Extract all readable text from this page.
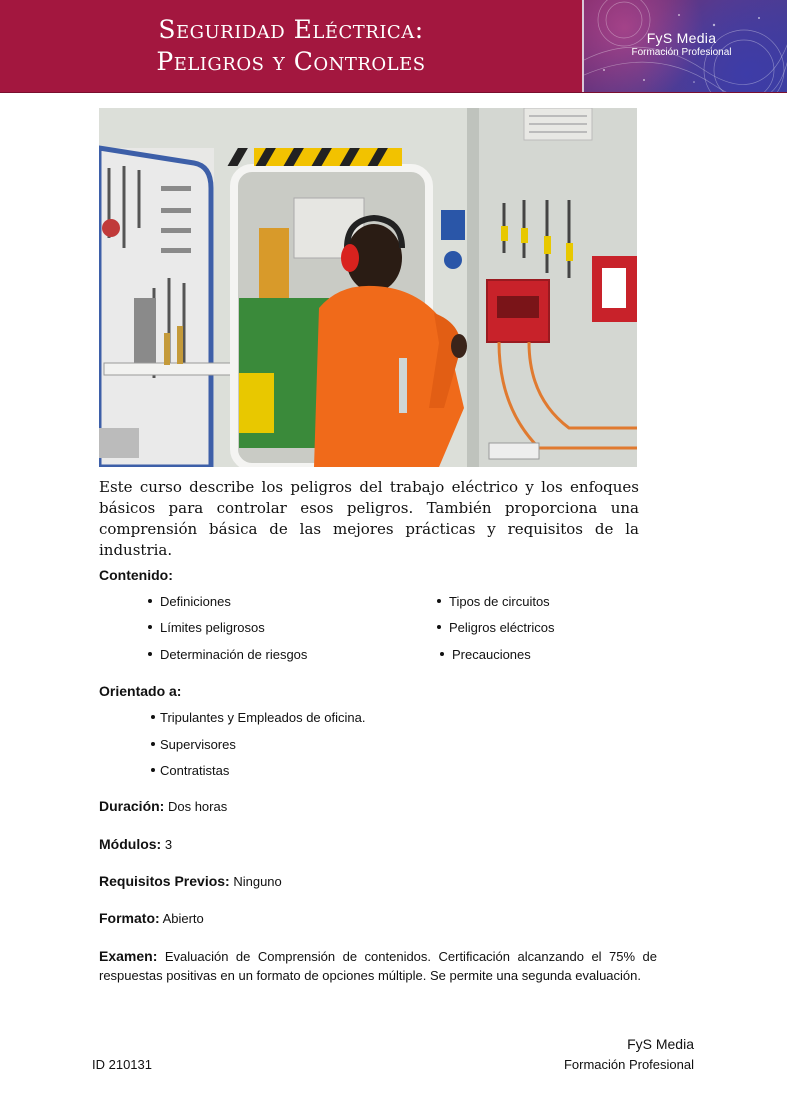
Seguridad Eléctrica:
Peligros y Controles
FyS Media
Formación Profesional
Este curso describe los peligros del trabajo eléctrico y los enfoques básicos para controlar esos peligros. También proporciona una comprensión básica de las mejores prácticas y requisitos de la industria.
Contenido:
Definiciones
Límites peligrosos
Determinación de riesgos
Tipos de circuitos
Peligros eléctricos
Precauciones
Orientado a:
Tripulantes y Empleados de oficina.
Supervisores
Contratistas
Duración: Dos horas
Módulos: 3
Requisitos Previos: Ninguno
Formato: Abierto
Examen: Evaluación de Comprensión de contenidos. Certificación alcanzando el 75% de respuestas positivas en un formato de opciones múltiple. Se permite una segunda evaluación.
FyS Media
Formación Profesional
ID 210131
